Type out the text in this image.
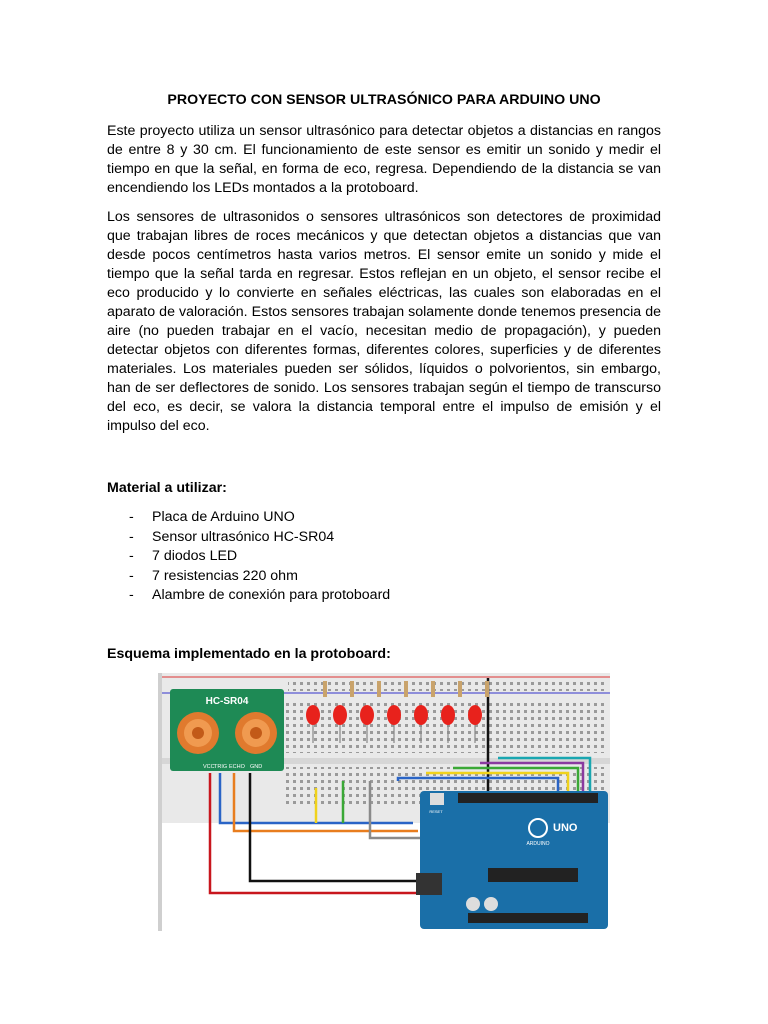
PROYECTO CON SENSOR ULTRASÓNICO PARA ARDUINO UNO

Este proyecto utiliza un sensor ultrasónico para detectar objetos a distancias en rangos de entre 8 y 30 cm. El funcionamiento de este sensor es emitir un sonido y medir el tiempo en que la señal, en forma de eco, regresa. Dependiendo de la distancia se van encendiendo los LEDs montados a la protoboard.

Los sensores de ultrasonidos o sensores ultrasónicos son detectores de proximidad que trabajan libres de roces mecánicos y que detectan objetos a distancias que van desde pocos centímetros hasta varios metros. El sensor emite un sonido y mide el tiempo que la señal tarda en regresar. Estos reflejan en un objeto, el sensor recibe el eco producido y lo convierte en señales eléctricas, las cuales son elaboradas en el aparato de valoración. Estos sensores trabajan solamente donde tenemos presencia de aire (no pueden trabajar en el vacío, necesitan medio de propagación), y pueden detectar objetos con diferentes formas, diferentes colores, superficies y de diferentes materiales. Los materiales pueden ser sólidos, líquidos o polvorientos, sin embargo, han de ser deflectores de sonido. Los sensores trabajan según el tiempo de transcurso del eco, es decir, se valora la distancia temporal entre el impulso de emisión y el impulso del eco.

Material a utilizar:
- Placa de Arduino UNO
- Sensor ultrasónico HC-SR04
- 7 diodos LED
- 7 resistencias 220 ohm
- Alambre de conexión para protoboard
Esquema implementado en la protoboard:
HC-SR04
VCC TRIG ECHO GND
RESET
UNO
ARDUINO
